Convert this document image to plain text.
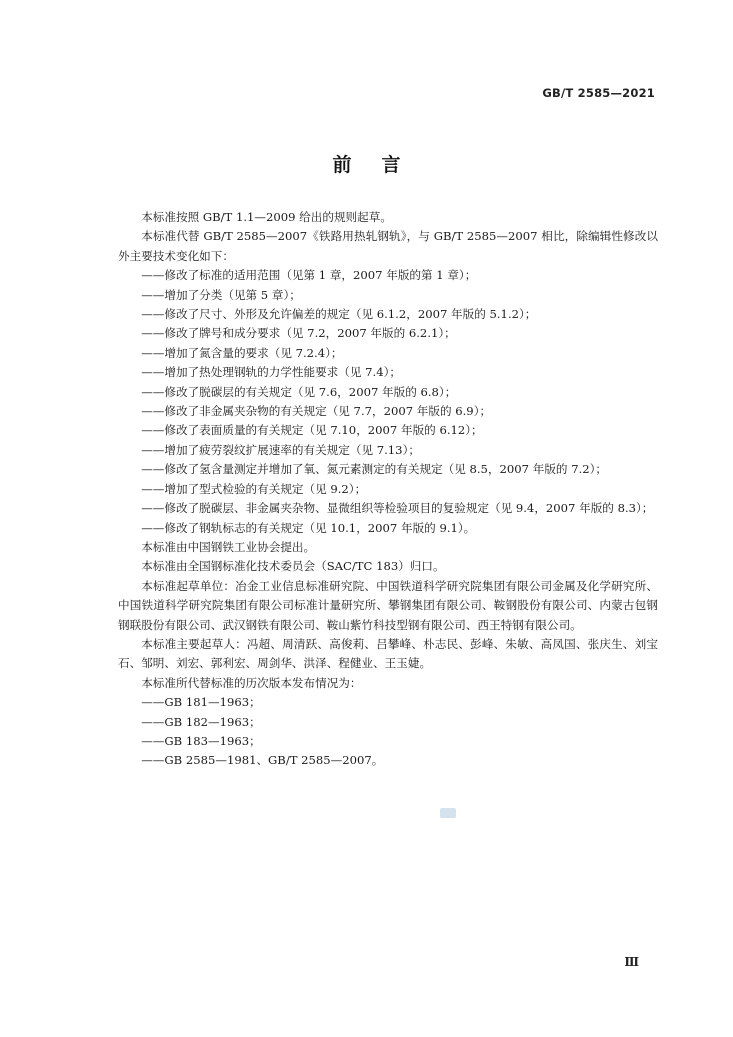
GB/T 2585—2021
前言

本标准按照 GB/T 1.1—2009 给出的规则起草。

本标准代替 GB/T 2585—2007《铁路用热轧钢轨》，与 GB/T 2585—2007 相比，除编辑性修改以外主要技术变化如下：

——修改了标准的适用范围（见第 1 章，2007 年版的第 1 章）；

——增加了分类（见第 5 章）；

——修改了尺寸、外形及允许偏差的规定（见 6.1.2，2007 年版的 5.1.2）；

——修改了牌号和成分要求（见 7.2，2007 年版的 6.2.1）；

——增加了氮含量的要求（见 7.2.4）；

——增加了热处理钢轨的力学性能要求（见 7.4）；

——修改了脱碳层的有关规定（见 7.6，2007 年版的 6.8）；

——修改了非金属夹杂物的有关规定（见 7.7，2007 年版的 6.9）；

——修改了表面质量的有关规定（见 7.10，2007 年版的 6.12）；

——增加了疲劳裂纹扩展速率的有关规定（见 7.13）；

——修改了氢含量测定并增加了氧、氮元素测定的有关规定（见 8.5，2007 年版的 7.2）；

——增加了型式检验的有关规定（见 9.2）；

——修改了脱碳层、非金属夹杂物、显微组织等检验项目的复验规定（见 9.4，2007 年版的 8.3）；

——修改了钢轨标志的有关规定（见 10.1，2007 年版的 9.1）。

本标准由中国钢铁工业协会提出。

本标准由全国钢标准化技术委员会（SAC/TC 183）归口。

本标准起草单位：冶金工业信息标准研究院、中国铁道科学研究院集团有限公司金属及化学研究所、中国铁道科学研究院集团有限公司标准计量研究所、攀钢集团有限公司、鞍钢股份有限公司、内蒙古包钢钢联股份有限公司、武汉钢铁有限公司、鞍山紫竹科技型钢有限公司、西王特钢有限公司。

本标准主要起草人：冯超、周清跃、高俊莉、吕攀峰、朴志民、彭峰、朱敏、高凤国、张庆生、刘宝石、邹明、刘宏、郭利宏、周剑华、洪泽、程健业、王玉婕。

本标准所代替标准的历次版本发布情况为：

——GB 181—1963；

——GB 182—1963；

——GB 183—1963；

——GB 2585—1981、GB/T 2585—2007。

Ⅲ
